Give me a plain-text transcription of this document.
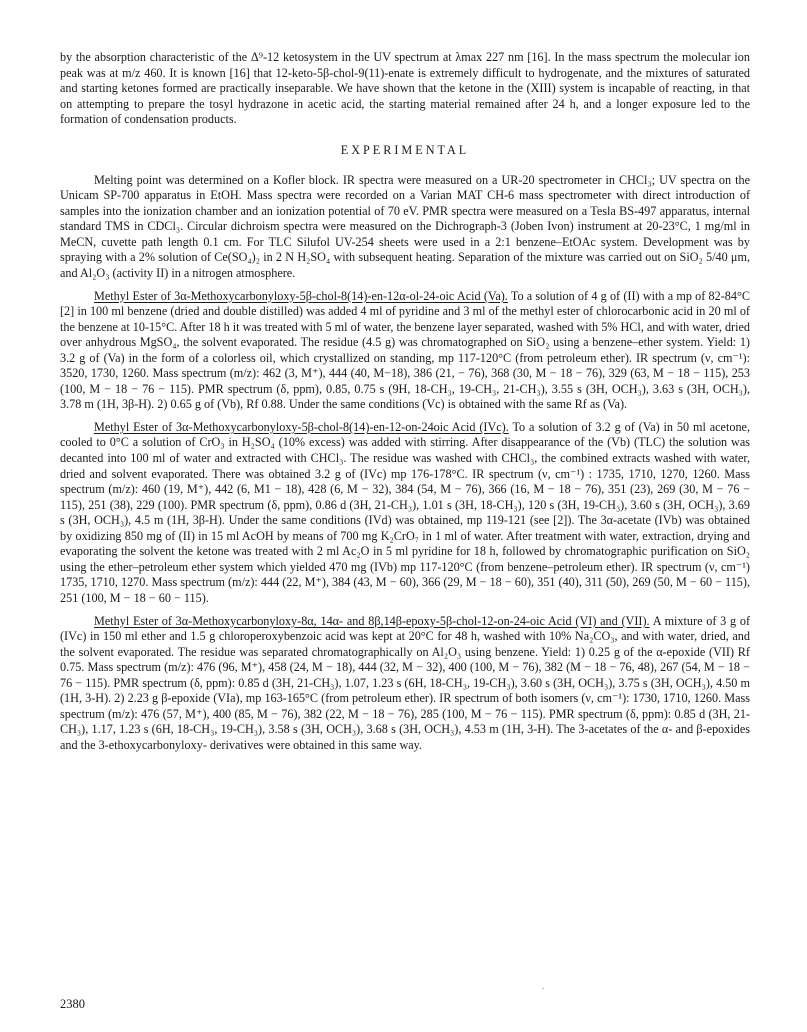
by the absorption characteristic of the Δ⁹-12 ketosystem in the UV spectrum at λmax 227 nm [16]. In the mass spectrum the molecular ion peak was at m/z 460. It is known [16] that 12-keto-5β-chol-9(11)-enate is extremely difficult to hydrogenate, and the mixtures of saturated and starting ketones formed are practically inseparable. We have shown that the ketone in the (XIII) system is incapable of reacting, in that on attempting to prepare the tosyl hydrazone in acetic acid, the starting material remained after 24 h, and a longer exposure led to the formation of condensation products.

EXPERIMENTAL

Melting point was determined on a Kofler block. IR spectra were measured on a UR-20 spectrometer in CHCl₃; UV spectra on the Unicam SP-700 apparatus in EtOH. Mass spectra were recorded on a Varian MAT CH-6 mass spectrometer with direct introduction of samples into the ionization chamber and an ionization potential of 70 eV. PMR spectra were measured on a Tesla BS-497 apparatus, internal standard TMS in CDCl₃. Circular dichroism spectra were measured on the Dichrograph-3 (Joben Ivon) instrument at 20-23°C, 1 mg/ml in MeCN, cuvette path length 0.1 cm. For TLC Silufol UV-254 sheets were used in a 2:1 benzene–EtOAc system. Development was by spraying with a 2% solution of Ce(SO₄)₂ in 2 N H₂SO₄ with subsequent heating. Separation of the mixture was carried out on SiO₂ 5/40 μm, and Al₂O₃ (activity II) in a nitrogen atmosphere.

Methyl Ester of 3α-Methoxycarbonyloxy-5β-chol-8(14)-en-12α-ol-24-oic Acid (Va). To a solution of 4 g of (II) with a mp of 82-84°C [2] in 100 ml benzene (dried and double distilled) was added 4 ml of pyridine and 3 ml of the methyl ester of chlorocarbonic acid in 20 ml of the benzene at 10-15°C. After 18 h it was treated with 5 ml of water, the benzene layer separated, washed with 5% HCl, and with water, dried over anhydrous MgSO₄, the solvent evaporated. The residue (4.5 g) was chromatographed on SiO₂ using a benzene–ether system. Yield: 1) 3.2 g of (Va) in the form of a colorless oil, which crystallized on standing, mp 117-120°C (from petroleum ether). IR spectrum (ν, cm⁻¹): 3520, 1730, 1260. Mass spectrum (m/z): 462 (3, M⁺), 444 (40, M−18), 386 (21, − 76), 368 (30, M − 18 − 76), 329 (63, M − 18 − 115), 253 (100, M − 18 − 76 − 115). PMR spectrum (δ, ppm), 0.85, 0.75 s (9H, 18-CH₃, 19-CH₃, 21-CH₃), 3.55 s (3H, OCH₃), 3.63 s (3H, OCH₃), 3.78 m (1H, 3β-H). 2) 0.65 g of (Vb), Rf 0.88. Under the same conditions (Vc) is obtained with the same Rf as (Va).

Methyl Ester of 3α-Methoxycarbonyloxy-5β-chol-8(14)-en-12-on-24oic Acid (IVc). To a solution of 3.2 g of (Va) in 50 ml acetone, cooled to 0°C a solution of CrO₃ in H₂SO₄ (10% excess) was added with stirring. After disappearance of the (Vb) (TLC) the solution was decanted into 100 ml of water and extracted with CHCl₃. The residue was washed with CHCl₃, the combined extracts washed with water, dried and solvent evaporated. There was obtained 3.2 g of (IVc) mp 176-178°C. IR spectrum (ν, cm⁻¹) : 1735, 1710, 1270, 1260. Mass spectrum (m/z): 460 (19, M⁺), 442 (6, M1 − 18), 428 (6, M − 32), 384 (54, M − 76), 366 (16, M − 18 − 76), 351 (23), 269 (30, M − 76 − 115), 251 (38), 229 (100). PMR spectrum (δ, ppm), 0.86 d (3H, 21-CH₃), 1.01 s (3H, 18-CH₃), 120 s (3H, 19-CH₃), 3.60 s (3H, OCH₃), 3.69 s (3H, OCH₃), 4.5 m (1H, 3β-H). Under the same conditions (IVd) was obtained, mp 119-121 (see [2]). The 3α-acetate (IVb) was obtained by oxidizing 850 mg of (II) in 15 ml AcOH by means of 700 mg K₂CrO₇ in 1 ml of water. After treatment with water, extraction, drying and evaporating the solvent the ketone was treated with 2 ml Ac₂O in 5 ml pyridine for 18 h, followed by chromatographic purification on SiO₂ using the ether–petroleum ether system which yielded 470 mg (IVb) mp 117-120°C (from benzene–petroleum ether). IR spectrum (ν, cm⁻¹) 1735, 1710, 1270. Mass spectrum (m/z): 444 (22, M⁺), 384 (43, M − 60), 366 (29, M − 18 − 60), 351 (40), 311 (50), 269 (50, M − 60 − 115), 251 (100, M − 18 − 60 − 115).

Methyl Ester of 3α-Methoxycarbonyloxy-8α, 14α- and 8β,14β-epoxy-5β-chol-12-on-24-oic Acid (VI) and (VII). A mixture of 3 g of (IVc) in 150 ml ether and 1.5 g chloroperoxybenzoic acid was kept at 20°C for 48 h, washed with 10% Na₂CO₃, and with water, dried, and the solvent evaporated. The residue was separated chromatographically on Al₂O₃ using benzene. Yield: 1) 0.25 g of the α-epoxide (VII) Rf 0.75. Mass spectrum (m/z): 476 (96, M⁺), 458 (24, M − 18), 444 (32, M − 32), 400 (100, M − 76), 382 (M − 18 − 76, 48), 267 (54, M − 18 − 76 − 115). PMR spectrum (δ, ppm): 0.85 d (3H, 21-CH₃), 1.07, 1.23 s (6H, 18-CH₃, 19-CH₃), 3.60 s (3H, OCH₃), 3.75 s (3H, OCH₃), 4.50 m (1H, 3-H). 2) 2.23 g β-epoxide (VIa), mp 163-165°C (from petroleum ether). IR spectrum of both isomers (ν, cm⁻¹): 1730, 1710, 1260. Mass spectrum (m/z): 476 (57, M⁺), 400 (85, M − 76), 382 (22, M − 18 − 76), 285 (100, M − 76 − 115). PMR spectrum (δ, ppm): 0.85 d (3H, 21-CH₃), 1.17, 1.23 s (6H, 18-CH₃, 19-CH₃), 3.58 s (3H, OCH₃), 3.68 s (3H, OCH₃), 4.53 m (1H, 3-H). The 3-acetates of the α- and β-epoxides and the 3-ethoxycarbonyloxy- derivatives were obtained in this same way.

.
2380
